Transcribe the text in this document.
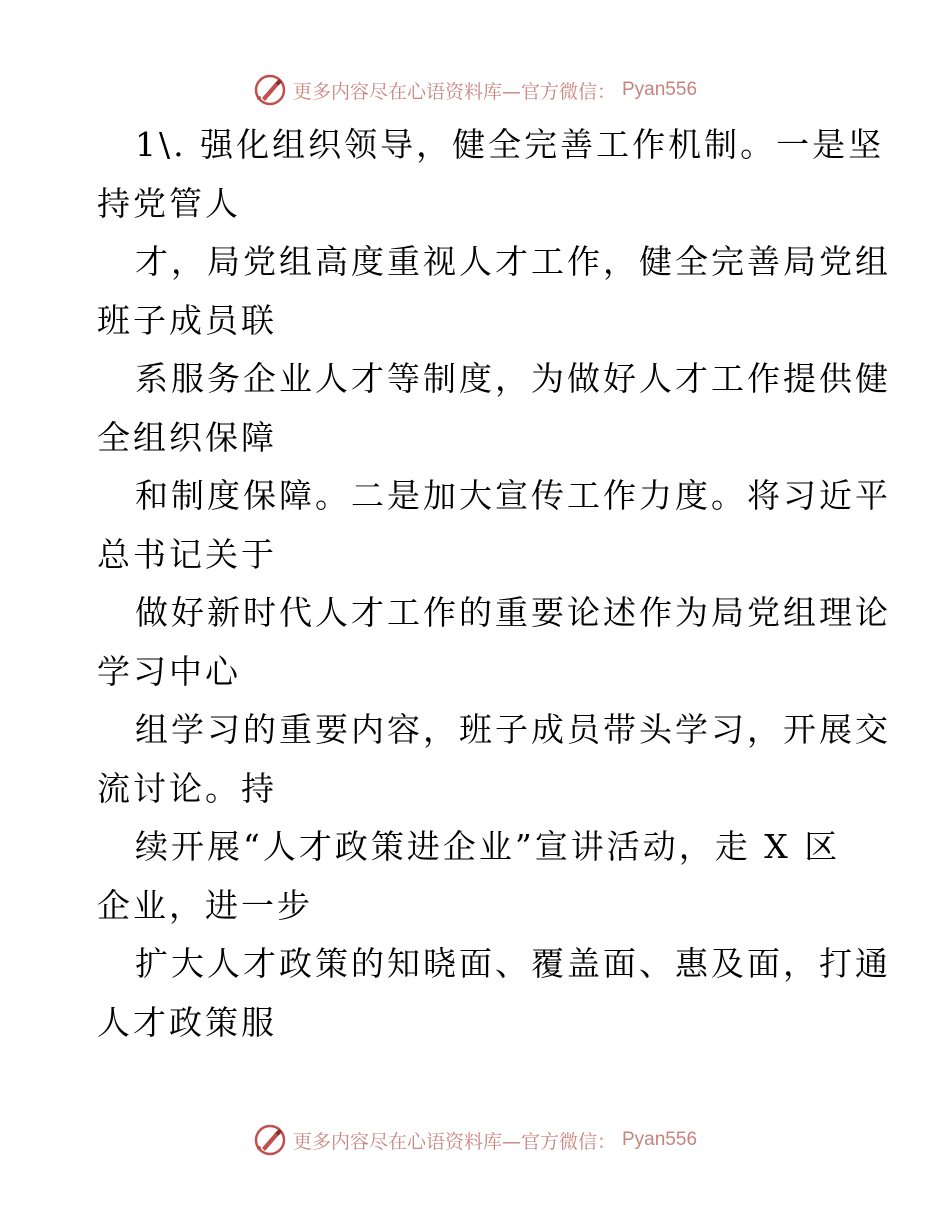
更多内容尽在心语资料库—官方微信： Pyan556
1\. 强化组织领导，健全完善工作机制。一是坚
持党管人
才，局党组高度重视人才工作，健全完善局党组
班子成员联
系服务企业人才等制度，为做好人才工作提供健
全组织保障
和制度保障。二是加大宣传工作力度。将习近平
总书记关于
做好新时代人才工作的重要论述作为局党组理论
学习中心
组学习的重要内容，班子成员带头学习，开展交
流讨论。持
续开展“人才政策进企业”宣讲活动，走 X 区
企业，进一步
扩大人才政策的知晓面、覆盖面、惠及面，打通
人才政策服
更多内容尽在心语资料库—官方微信： Pyan556
